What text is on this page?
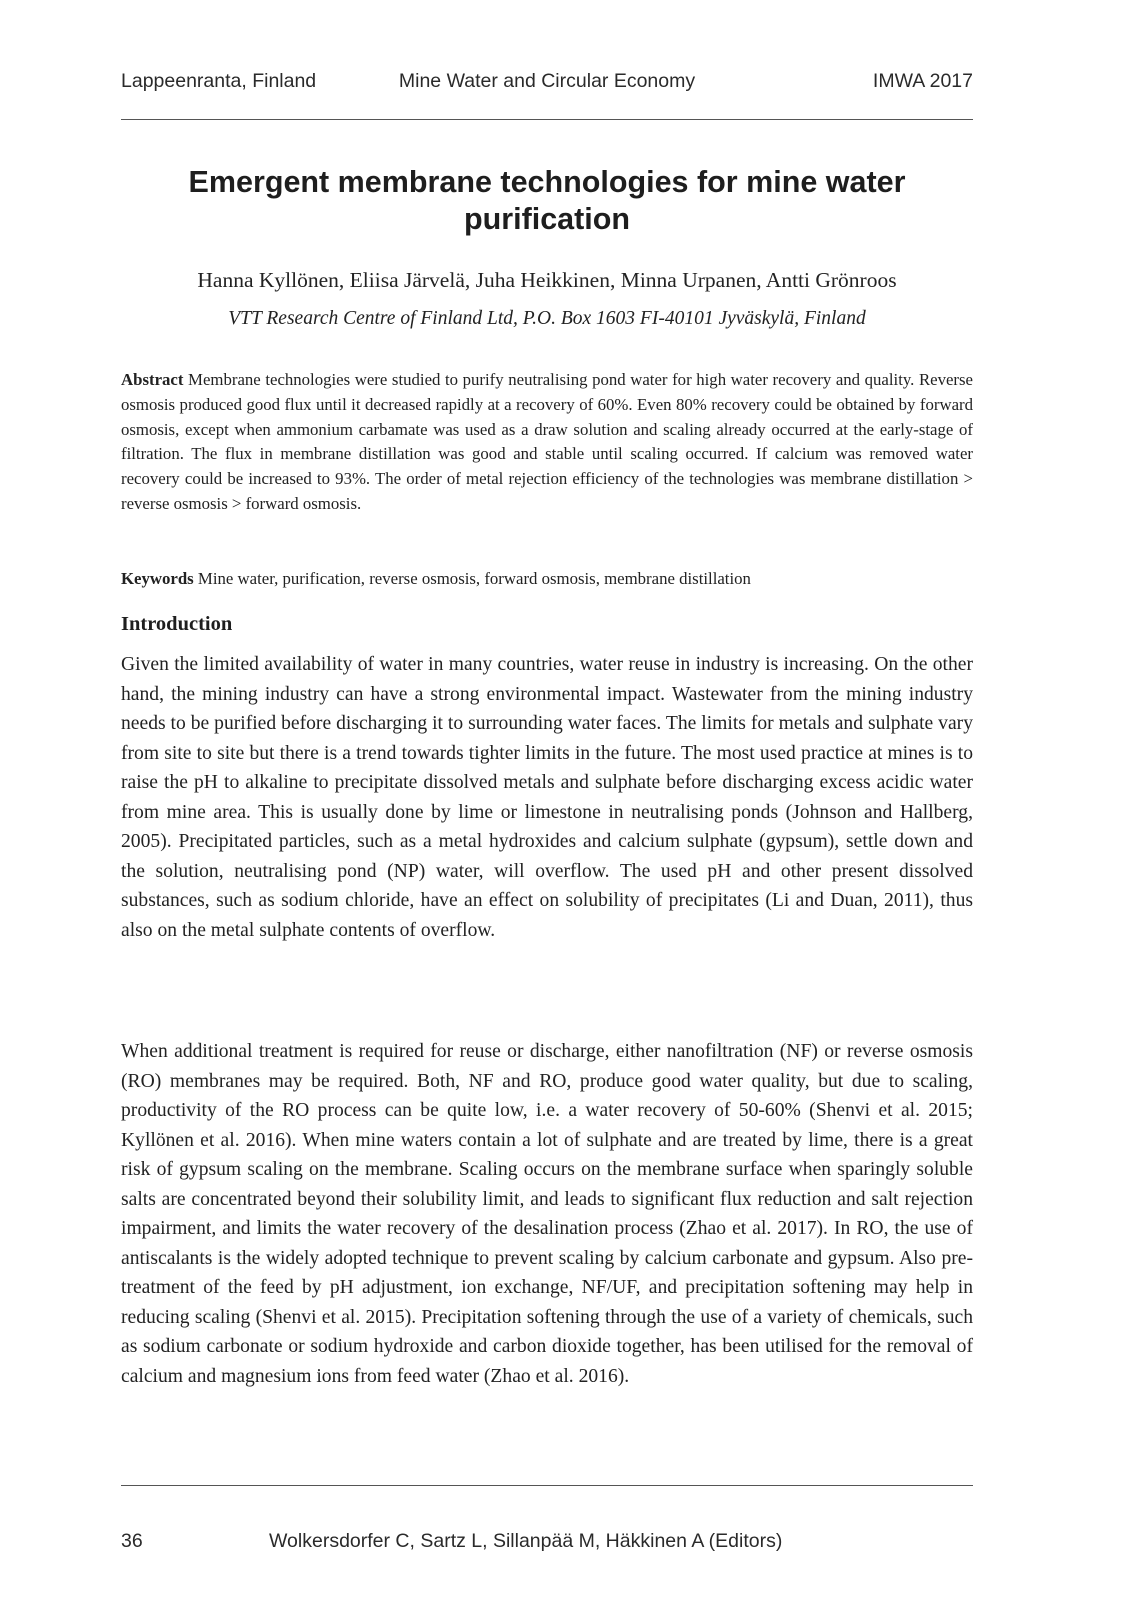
Lappeenranta, Finland	Mine Water and Circular Economy	IMWA 2017
Emergent membrane technologies for mine water purification
Hanna Kyllönen, Eliisa Järvelä, Juha Heikkinen, Minna Urpanen, Antti Grönroos
VTT Research Centre of Finland Ltd, P.O. Box 1603 FI-40101 Jyväskylä, Finland

Abstract Membrane technologies were studied to purify neutralising pond water for high water recovery and quality. Reverse osmosis produced good flux until it decreased rapidly at a recovery of 60%. Even 80% recovery could be obtained by forward osmosis, except when ammonium carbamate was used as a draw solution and scaling already occurred at the early-stage of filtration. The flux in membrane distillation was good and stable until scaling occurred. If calcium was removed water recovery could be increased to 93%. The order of metal rejection efficiency of the technologies was membrane distillation > reverse osmosis > forward osmosis.

Keywords Mine water, purification, reverse osmosis, forward osmosis, membrane distillation

Introduction

Given the limited availability of water in many countries, water reuse in industry is increasing. On the other hand, the mining industry can have a strong environmental impact. Wastewater from the mining industry needs to be purified before discharging it to surrounding water faces. The limits for metals and sulphate vary from site to site but there is a trend towards tighter limits in the future. The most used practice at mines is to raise the pH to alkaline to precipitate dissolved metals and sulphate before discharging excess acidic water from mine area. This is usually done by lime or limestone in neutralising ponds (Johnson and Hallberg, 2005). Precipitated particles, such as a metal hydroxides and calcium sulphate (gypsum), settle down and the solution, neutralising pond (NP) water, will overflow. The used pH and other present dissolved substances, such as sodium chloride, have an effect on solubility of precipitates (Li and Duan, 2011), thus also on the metal sulphate contents of overflow.

When additional treatment is required for reuse or discharge, either nanofiltration (NF) or reverse osmosis (RO) membranes may be required. Both, NF and RO, produce good water quality, but due to scaling, productivity of the RO process can be quite low, i.e. a water recovery of 50-60% (Shenvi et al. 2015; Kyllönen et al. 2016). When mine waters contain a lot of sulphate and are treated by lime, there is a great risk of gypsum scaling on the membrane. Scaling occurs on the membrane surface when sparingly soluble salts are concentrated beyond their solubility limit, and leads to significant flux reduction and salt rejection impairment, and limits the water recovery of the desalination process (Zhao et al. 2017). In RO, the use of antiscalants is the widely adopted technique to prevent scaling by calcium carbonate and gypsum. Also pre-treatment of the feed by pH adjustment, ion exchange, NF/UF, and precipitation softening may help in reducing scaling (Shenvi et al. 2015). Precipitation softening through the use of a variety of chemicals, such as sodium carbonate or sodium hydroxide and carbon dioxide together, has been utilised for the removal of calcium and magnesium ions from feed water (Zhao et al. 2016).

36	Wolkersdorfer C, Sartz L, Sillanpää M, Häkkinen A (Editors)
